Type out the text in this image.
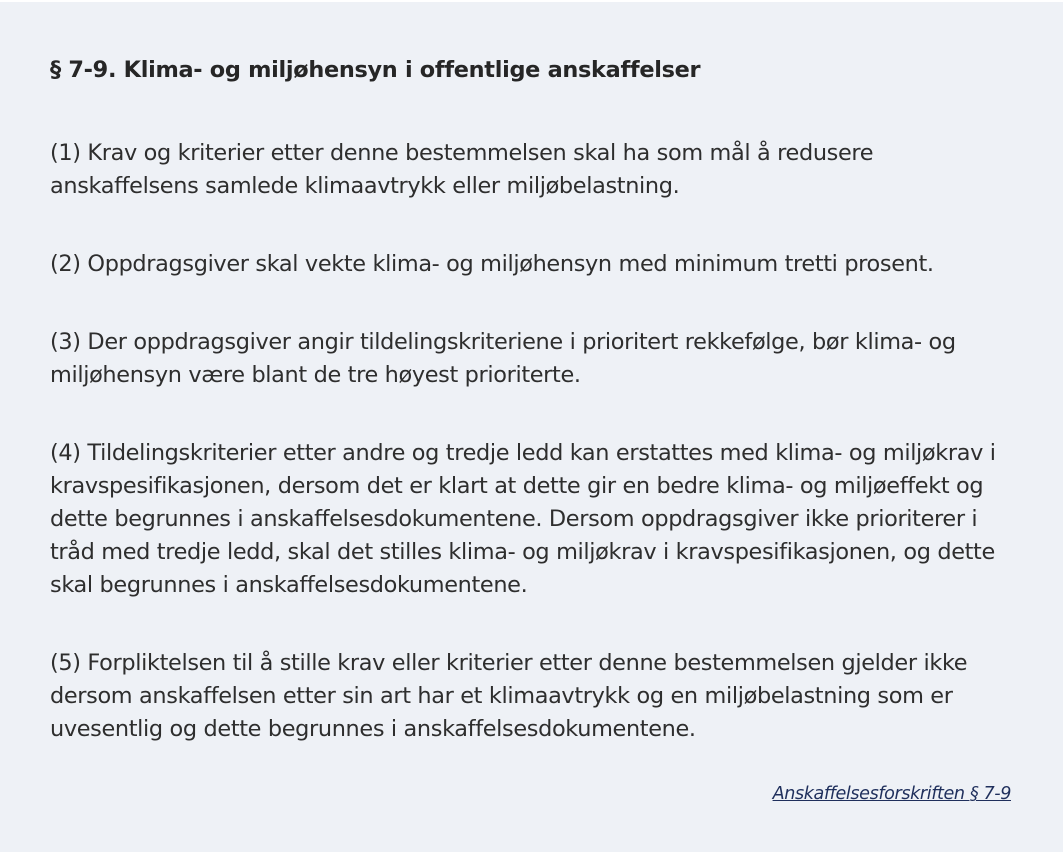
§ 7-9. Klima- og miljøhensyn i offentlige anskaffelser

(1) Krav og kriterier etter denne bestemmelsen skal ha som mål å redusere anskaffelsens samlede klimaavtrykk eller miljøbelastning.

(2) Oppdragsgiver skal vekte klima- og miljøhensyn med minimum tretti prosent.

(3) Der oppdragsgiver angir tildelingskriteriene i prioritert rekkefølge, bør klima- og miljøhensyn være blant de tre høyest prioriterte.

(4) Tildelingskriterier etter andre og tredje ledd kan erstattes med klima- og miljøkrav i kravspesifikasjonen, dersom det er klart at dette gir en bedre klima- og miljøeffekt og dette begrunnes i anskaffelsesdokumentene. Dersom oppdragsgiver ikke prioriterer i tråd med tredje ledd, skal det stilles klima- og miljøkrav i kravspesifikasjonen, og dette skal begrunnes i anskaffelsesdokumentene.

(5) Forpliktelsen til å stille krav eller kriterier etter denne bestemmelsen gjelder ikke dersom anskaffelsen etter sin art har et klimaavtrykk og en miljøbelastning som er uvesentlig og dette begrunnes i anskaffelsesdokumentene.

Anskaffelsesforskriften § 7-9
